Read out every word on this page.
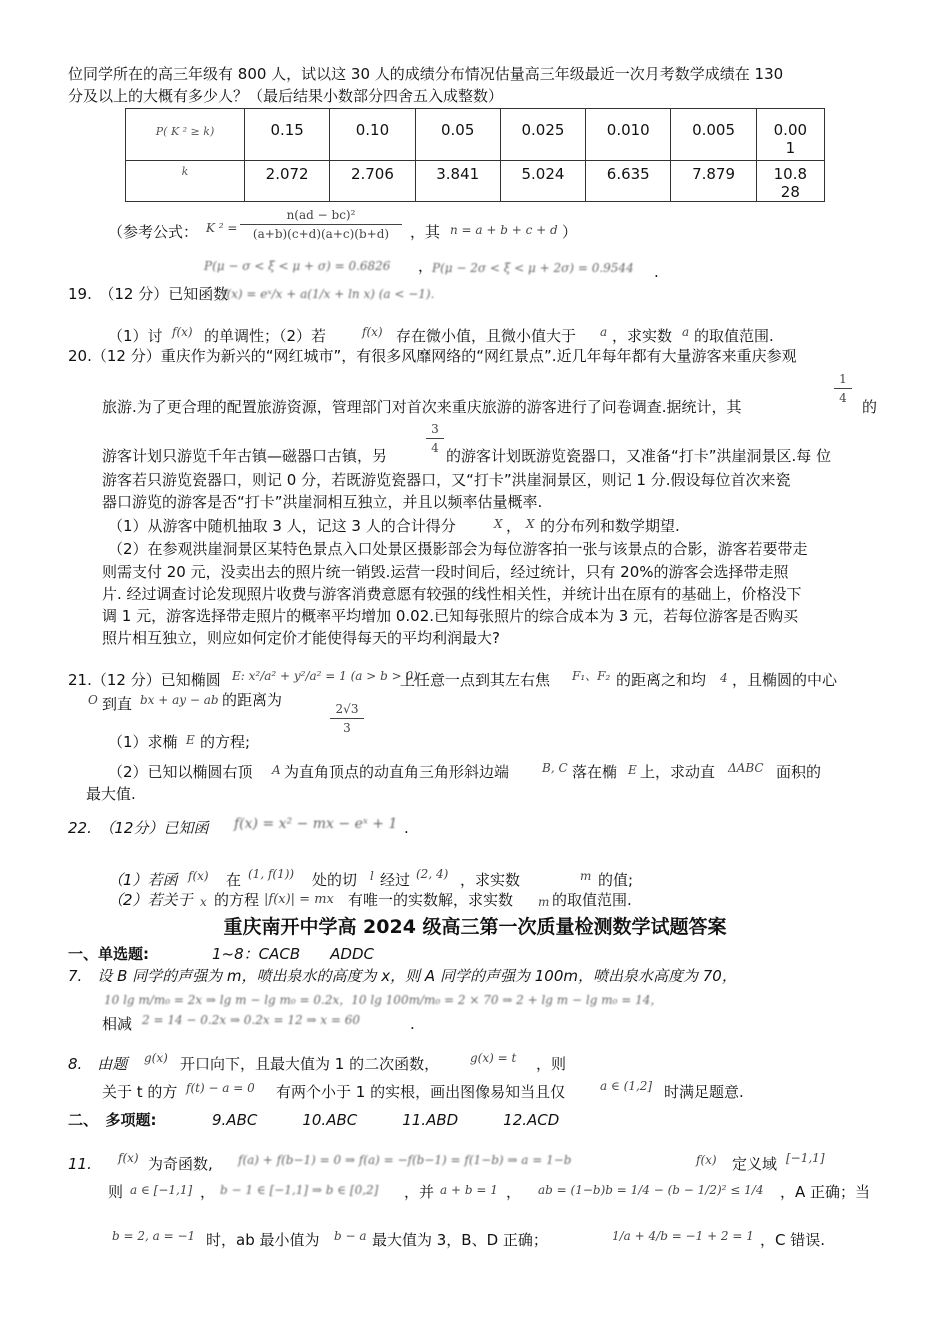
位同学所在的高三年级有 800 人，试以这 30 人的成绩分布情况估量高三年级最近一次月考数学成绩在 130
分及以上的大概有多少人？（最后结果小数部分四舍五入成整数）
P( K ² ≥ k)	0.15	0.10	0.05	0.025	0.010	0.005	0.00
1
k	2.072	2.706	3.841	5.024	6.635	7.879	10.8
28
（参考公式： K ² =
n(ad − bc)²
(a+b)(c+d)(a+c)(b+d)	，其 n = a + b + c + d ）
P(μ − σ < ξ < μ + σ) = 0.6826 ，
P(μ − 2σ < ξ < μ + 2σ) = 0.9544 .
19.　（12 分）已知函数
f(x) = eˣ/x + a(1/x + ln x) (a < −1).
（1）讨 f(x) 的单调性；（2）若	f(x) 存在微小值，且微小值大于 a ，求实数 a 的取值范围.
20.（12 分）重庆作为新兴的“网红城市”，有很多风靡网络的“网红景点”.近几年每年都有大量游客来重庆参观
旅游.为了更合理的配置旅游资源，管理部门对首次来重庆旅游的游客进行了问卷调查.据统计，其
1
4	的
游客计划只游览千年古镇—磁器口古镇，另
3
4 的游客计划既游览瓷器口，又准备“打卡”洪崖洞景区.每 位
游客若只游览瓷器口，则记 0 分，若既游览瓷器口，又“打卡”洪崖洞景区，则记 1 分.假设每位首次来瓷
器口游览的游客是否“打卡”洪崖洞相互独立，并且以频率估量概率.
（1）从游客中随机抽取 3 人，记这 3 人的合计得分	X ， X 的分布列和数学期望.
（2）在参观洪崖洞景区某特色景点入口处景区摄影部会为每位游客拍一张与该景点的合影，游客若要带走
则需支付 20 元，没卖出去的照片统一销毁.运营一段时间后，经过统计，只有 20%的游客会选择带走照
片. 经过调查讨论发现照片收费与游客消费意愿有较强的线性相关性，并统计出在原有的基础上，价格没下
调 1 元，游客选择带走照片的概率平均增加 0.02.已知每张照片的综合成本为 3 元，若每位游客是否购买
照片相互独立，则应如何定价才能使得每天的平均利润最大?
21.（12 分）已知椭圆 E: x²/a² + y²/a² = 1 (a > b > 0)
上任意一点到其左右焦 F₁、F₂ 的距离之和均 4 ，且椭圆的中心
O 到直 bx + ay − ab 的距离为	2√3
3
（1）求椭 E 的方程;
（2）已知以椭圆右顶 A 为直角顶点的动直角三角形斜边端	B, C 落在椭 E 上，求动直 ΔABC 面积的
最大值.
22.　（12分）已知函 f(x) = x² − mx − eˣ + 1 .
（1）若函 f(x) 在 (1, f(1)) 处的切 l 经过 (2, 4) ，求实数	m 的值;
（2）若关于 x 的方程 |f(x)| = mx 有唯一的实数解，求实数 m 的取值范围.
重庆南开中学高 2024 级高三第一次质量检测数学试题答案
一、单选题:	1~8：CACB　　ADDC
7.　设 B 同学的声强为 m，喷出泉水的高度为 x，则 A 同学的声强为 100m，喷出泉水高度为 70，
10 lg m/m₀ = 2x ⇒ lg m − lg m₀ = 0.2x，10 lg 100m/m₀ = 2 × 70 ⇒ 2 + lg m − lg m₀ = 14，
相减 2 = 14 − 0.2x ⇒ 0.2x = 12 ⇒ x = 60	.
8.　由题 g(x) 开口向下，且最大值为 1 的二次函数，	g(x) = t ，则
关于 t 的方 f(t) − a = 0 有两个小于 1 的实根，画出图像易知当且仅	a ∈ (1,2] 时满足题意.
二、　多项题:	9.ABC　　　10.ABC　　　11.ABD　　　12.ACD
11. f(x) 为奇函数, f(a) + f(b−1) = 0 ⇒ f(a) = −f(b−1) = f(1−b) ⇒ a = 1−b	f(x) 定义域 [−1,1]
则 a ∈ [−1,1] ， b − 1 ∈ [−1,1] ⇒ b ∈ [0,2] ，并 a + b = 1 ， ab = (1−b)b = 1/4 − (b − 1/2)² ≤ 1/4 ，A 正确；当
b = 2, a = −1 时，ab 最小值为 b − a 最大值为 3，B、D 正确；	1/a + 4/b = −1 + 2 = 1 ，C 错误.
